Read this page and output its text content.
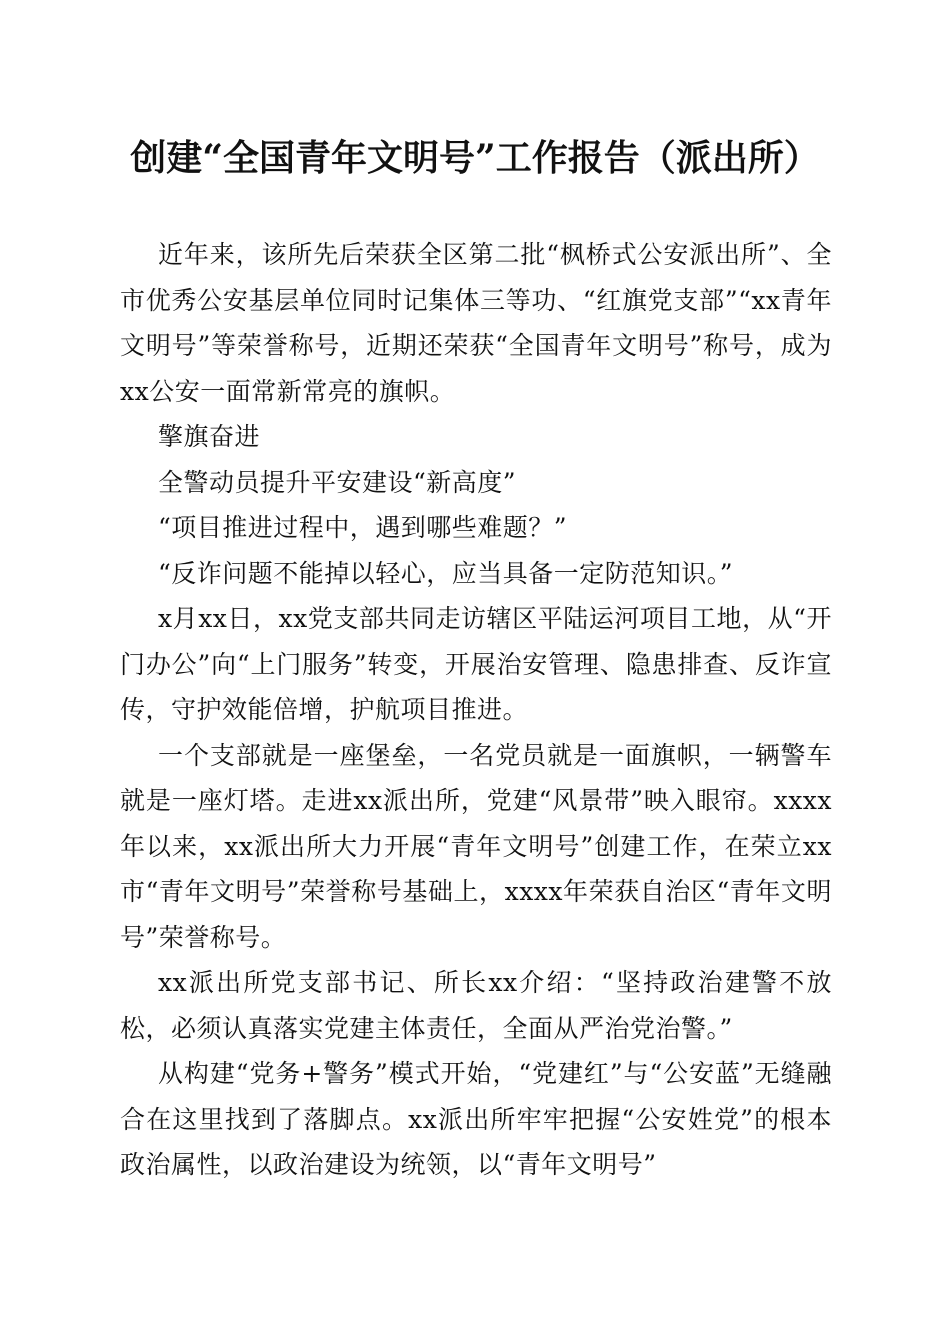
创建“全国青年文明号”工作报告（派出所）

近年来，该所先后荣获全区第二批“枫桥式公安派出所”、全市优秀公安基层单位同时记集体三等功、“红旗党支部”“xx青年文明号”等荣誉称号，近期还荣获“全国青年文明号”称号，成为xx公安一面常新常亮的旗帜。

擎旗奋进

全警动员提升平安建设“新高度”

“项目推进过程中，遇到哪些难题？”

“反诈问题不能掉以轻心，应当具备一定防范知识。”

x月xx日，xx党支部共同走访辖区平陆运河项目工地，从“开门办公”向“上门服务”转变，开展治安管理、隐患排查、反诈宣传，守护效能倍增，护航项目推进。

一个支部就是一座堡垒，一名党员就是一面旗帜，一辆警车就是一座灯塔。走进xx派出所，党建“风景带”映入眼帘。xxxx年以来，xx派出所大力开展“青年文明号”创建工作，在荣立xx市“青年文明号”荣誉称号基础上，xxxx年荣获自治区“青年文明号”荣誉称号。

xx派出所党支部书记、所长xx介绍：“坚持政治建警不放松，必须认真落实党建主体责任，全面从严治党治警。”

从构建“党务+警务”模式开始，“党建红”与“公安蓝”无缝融合在这里找到了落脚点。xx派出所牢牢把握“公安姓党”的根本政治属性，以政治建设为统领，以“青年文明号”
